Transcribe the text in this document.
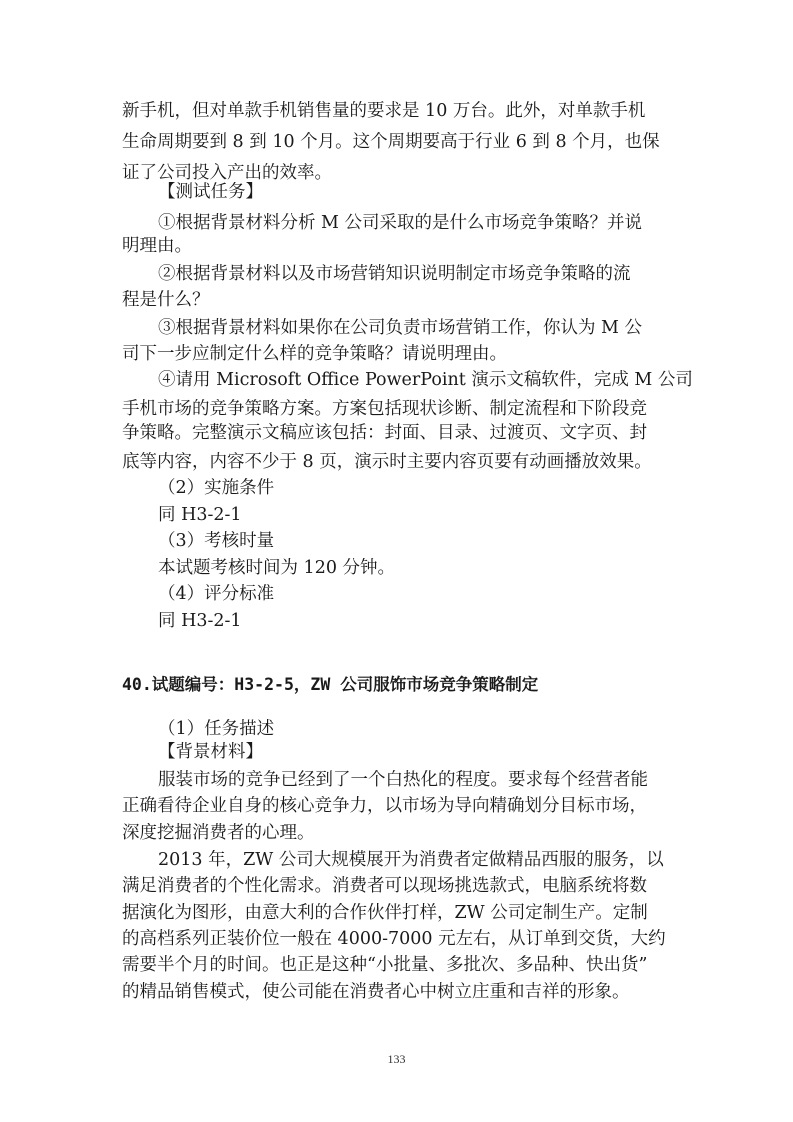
新手机，但对单款手机销售量的要求是 10 万台。此外，对单款手机
生命周期要到 8 到 10 个月。这个周期要高于行业 6 到 8 个月，也保
证了公司投入产出的效率。
【测试任务】
①根据背景材料分析 M 公司采取的是什么市场竞争策略？并说
明理由。
②根据背景材料以及市场营销知识说明制定市场竞争策略的流
程是什么？
③根据背景材料如果你在公司负责市场营销工作，你认为 M 公
司下一步应制定什么样的竞争策略？请说明理由。
④请用 Microsoft Office PowerPoint 演示文稿软件，完成 M 公司
手机市场的竞争策略方案。方案包括现状诊断、制定流程和下阶段竞
争策略。完整演示文稿应该包括：封面、目录、过渡页、文字页、封
底等内容，内容不少于 8 页，演示时主要内容页要有动画播放效果。
（2）实施条件
同 H3-2-1
（3）考核时量
本试题考核时间为 120 分钟。
（4）评分标准
同 H3-2-1
40.试题编号：H3-2-5，ZW 公司服饰市场竞争策略制定
（1）任务描述
【背景材料】
服装市场的竞争已经到了一个白热化的程度。要求每个经营者能
正确看待企业自身的核心竞争力，以市场为导向精确划分目标市场，
深度挖掘消费者的心理。
2013 年，ZW 公司大规模展开为消费者定做精品西服的服务，以
满足消费者的个性化需求。消费者可以现场挑选款式，电脑系统将数
据演化为图形，由意大利的合作伙伴打样，ZW 公司定制生产。定制
的高档系列正装价位一般在 4000-7000 元左右，从订单到交货，大约
需要半个月的时间。也正是这种“小批量、多批次、多品种、快出货”
的精品销售模式，使公司能在消费者心中树立庄重和吉祥的形象。
133
